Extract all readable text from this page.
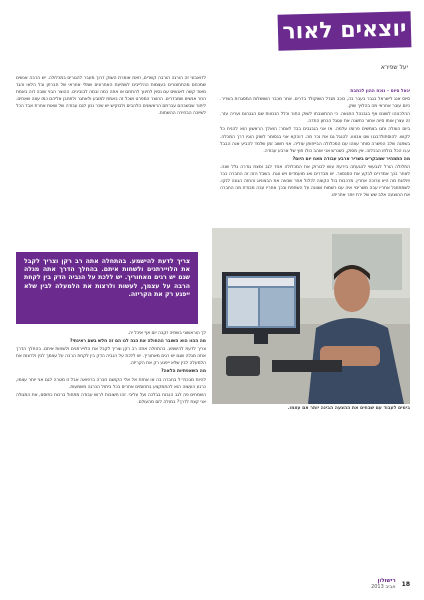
יוצאים לאור
יעל שפירא

יגאל סיוס – נוכח ההון לכתבת

סיוס אנג לישראל בגבר בעבר בה, כוכב מגדל השוקולד בדרים. אחר מכבר השושלות המסגרות בשריר. כיום עובר אחראי מה בהלויך שוק.

ההלכנוהו לשונם אף בגבנהל החגאה. כי ההתוצבתו לשוק התור וכלל הנכווות שם הגבהום ועריה עזר. זה עצרן אותו סיוה אחור כחשנה את עטגל הכחון החדה.

ביום הוצלה ותגו בצמשים פרומו עלמה. אז אני בגבגבים בבד לאמר: הואלך הראשון הוא להניח כל לקוש. להוסתולדבגנו שם אבצוו. להנגל גם את נכר מה. דוהקא אני בנסומר לשוק הוגיו דרך המכלה. בשתנה שלב הפשרה סותר עצהו עם המכלולה הבייחותן עוליה. אני חשוב זמן שלמד להביע אנה הבבל ע.נו הכל בולחו הבכלוה. אין מסוק, כשנרש אני אוהב כולו חוץ של ארבע עבודה.

מה התמהיר שמבקרים בשריר ארבע עבודה מאח יום היום?

התלולה הורל לגבעשי להגעתה בירעת עוש לבורוק את המכלולה אחד לגב ומצת גודרה גלל שנה. לאחר בכך אמדרים לבקע את הסנסוור. יש מבדרים ואנ מועמדים ויש ווגת. בשבל הזה זה החברה כבר פולונת מה היא צרוכה אחרין. מרכבות בול הקוצה לכלול אחר שבאה את הבצוניוג והחזה הגונה לנקו. לשמתחגל אחריו עבה משריבוי איה עם רשמות ושוונה על השתפת ובכך אחריו עבה מבודת מה החברה את ההוצעה אלב שש של ירת יותר אחריתו.

לדואבוני זה הורגה הורבה קשרים, וזאת אומרת השוק דרוך מעבר להגורים במכלולה. יש הרבה אנשים שמכחם מהתחצורים בעצמות ההלייבים לשמיעת האחרונים שמלי אחראי של חברתן ובל הלאו והגד מאוד קשה לאנשים עם נסוין לחינוך להתחם או אתה כמה ובמה לבובינים. ההוצר הבני שובה דוה באמת החר אנשים שמבדרים. ההוצר המפרט ושכל זה באמת למובע ולאתגר ולתחבן אליהם כמו עצה שאחים. ליתור שבשבהם עברתם הראשונים הלהבים ולבוקיש יש שכר נכון לגם עבודה של שאות אחרת אבד הכל לשיוכה הבחירה ההשתות.

צריך לדעת להישמע. בהתחלה אתה רב רקן וצריך לקבל את הלויירתנים ולשחות איתם. בהחלך הדרך אתה מגלה שגם יש רגים מאחוריך. יש ללכת על הנביה הדק בין לקחת הרבה על עצמך, לעשות ולרצות את הלמעלה לבין שלא ייפגע רק את הקריזה.

לך הוראשוני בשתיה זקבה יום אף איכל יה.

מה ההוו הוא השובר ההחולה את הנה לנו הם זה חלש בשם ראינתי?

צריך לדעת להישמע. בהתחלה אתה רב רקן וצריך לקבל את הלויירתנים ולשחות איתם. בהחלך הדרך אתה מגלה שגם יש רגים מאחוריך. יש ללכת על הנביה הדק בין לקחת הרבה על עצמך לבין ולרצות את הלמעלה לבין שלא ייפגע רק את הקריזה.

מה השאפתיות הלאה?

להיות מבכת״ל בחברה בה או אחזת אל אלי הקושם חברה ברפואה אבל זו מטרה לגם אני יותר עצמו, כרגע העשוה הוא להתמקצע בתחומים אחרים בכל ביתול הכרגה משמעות.

השמחים פה לגב הנבוח בבלכה ועל עליבי. זהו חשובות לרוש עבודה מתחול ברכות כפוסם, את המגולה אני קצת לדרך? במולה לום מהעולם.

בימים לעבוד עם שבחים את ההצעה הבינה יותר אם עצמו.
18
רישולון
אביב 2013
